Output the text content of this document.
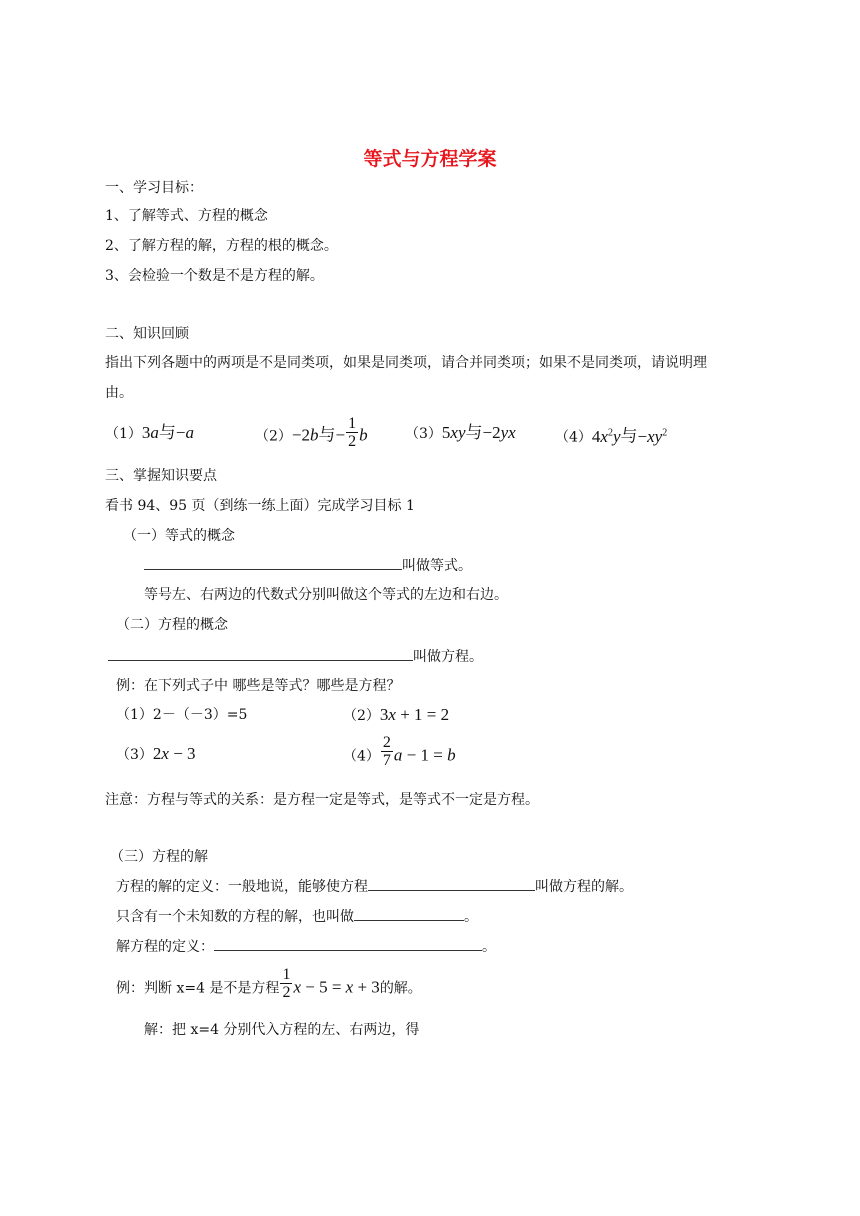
等式与方程学案
一、学习目标：
1、了解等式、方程的概念
2、了解方程的解，方程的根的概念。
3、会检验一个数是不是方程的解。
二、知识回顾
指出下列各题中的两项是不是同类项，如果是同类项，请合并同类项；如果不是同类项，请说明理
由。
（1）3a与−a	（2）−2b与− $\frac{1}{2}$ b	（3）5xy与−2yx	$(4)4x^2y$与$-xy^2$
三、掌握知识要点
看书 94、95 页（到练一练上面）完成学习目标 1
（一）等式的概念
叫做等式。
等号左、右两边的代数式分别叫做这个等式的左边和右边。
（二）方程的概念
叫做方程。
例：在下列式子中 哪些是等式？哪些是方程？
（1）2－（－3）=5	（2）3x + 1 = 2
（3）2x − 3	$(4) \frac{2}{7}$ a − 1 = b
注意：方程与等式的关系：是方程一定是等式，是等式不一定是方程。
（三）方程的解
方程的解的定义：一般地说，能够使方程	叫做方程的解。
只含有一个未知数的方程的解，也叫做	。
解方程的定义：	。
例：判断 x=4 是不是方程 $\frac{1}{2}$ x − 5 = x + 3的解。
解：把 x=4 分别代入方程的左、右两边，得
